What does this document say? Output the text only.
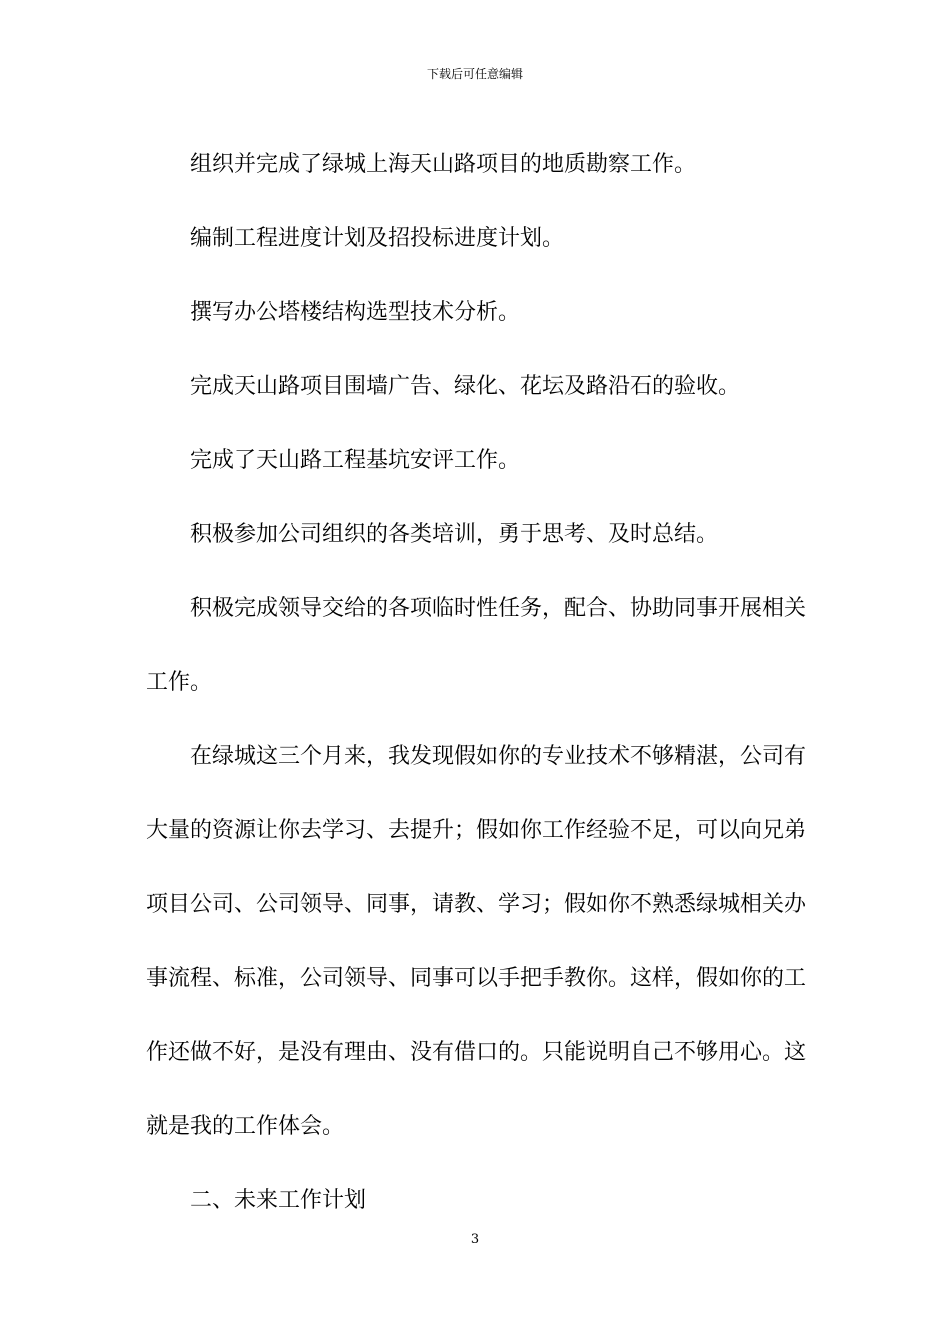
下载后可任意编辑

组织并完成了绿城上海天山路项目的地质勘察工作。

编制工程进度计划及招投标进度计划。

撰写办公塔楼结构选型技术分析。

完成天山路项目围墙广告、绿化、花坛及路沿石的验收。

完成了天山路工程基坑安评工作。

积极参加公司组织的各类培训，勇于思考、及时总结。

积极完成领导交给的各项临时性任务，配合、协助同事开展相关工作。

在绿城这三个月来，我发现假如你的专业技术不够精湛，公司有大量的资源让你去学习、去提升；假如你工作经验不足，可以向兄弟项目公司、公司领导、同事，请教、学习；假如你不熟悉绿城相关办事流程、标准，公司领导、同事可以手把手教你。这样，假如你的工作还做不好，是没有理由、没有借口的。只能说明自己不够用心。这就是我的工作体会。

二、未来工作计划

3
